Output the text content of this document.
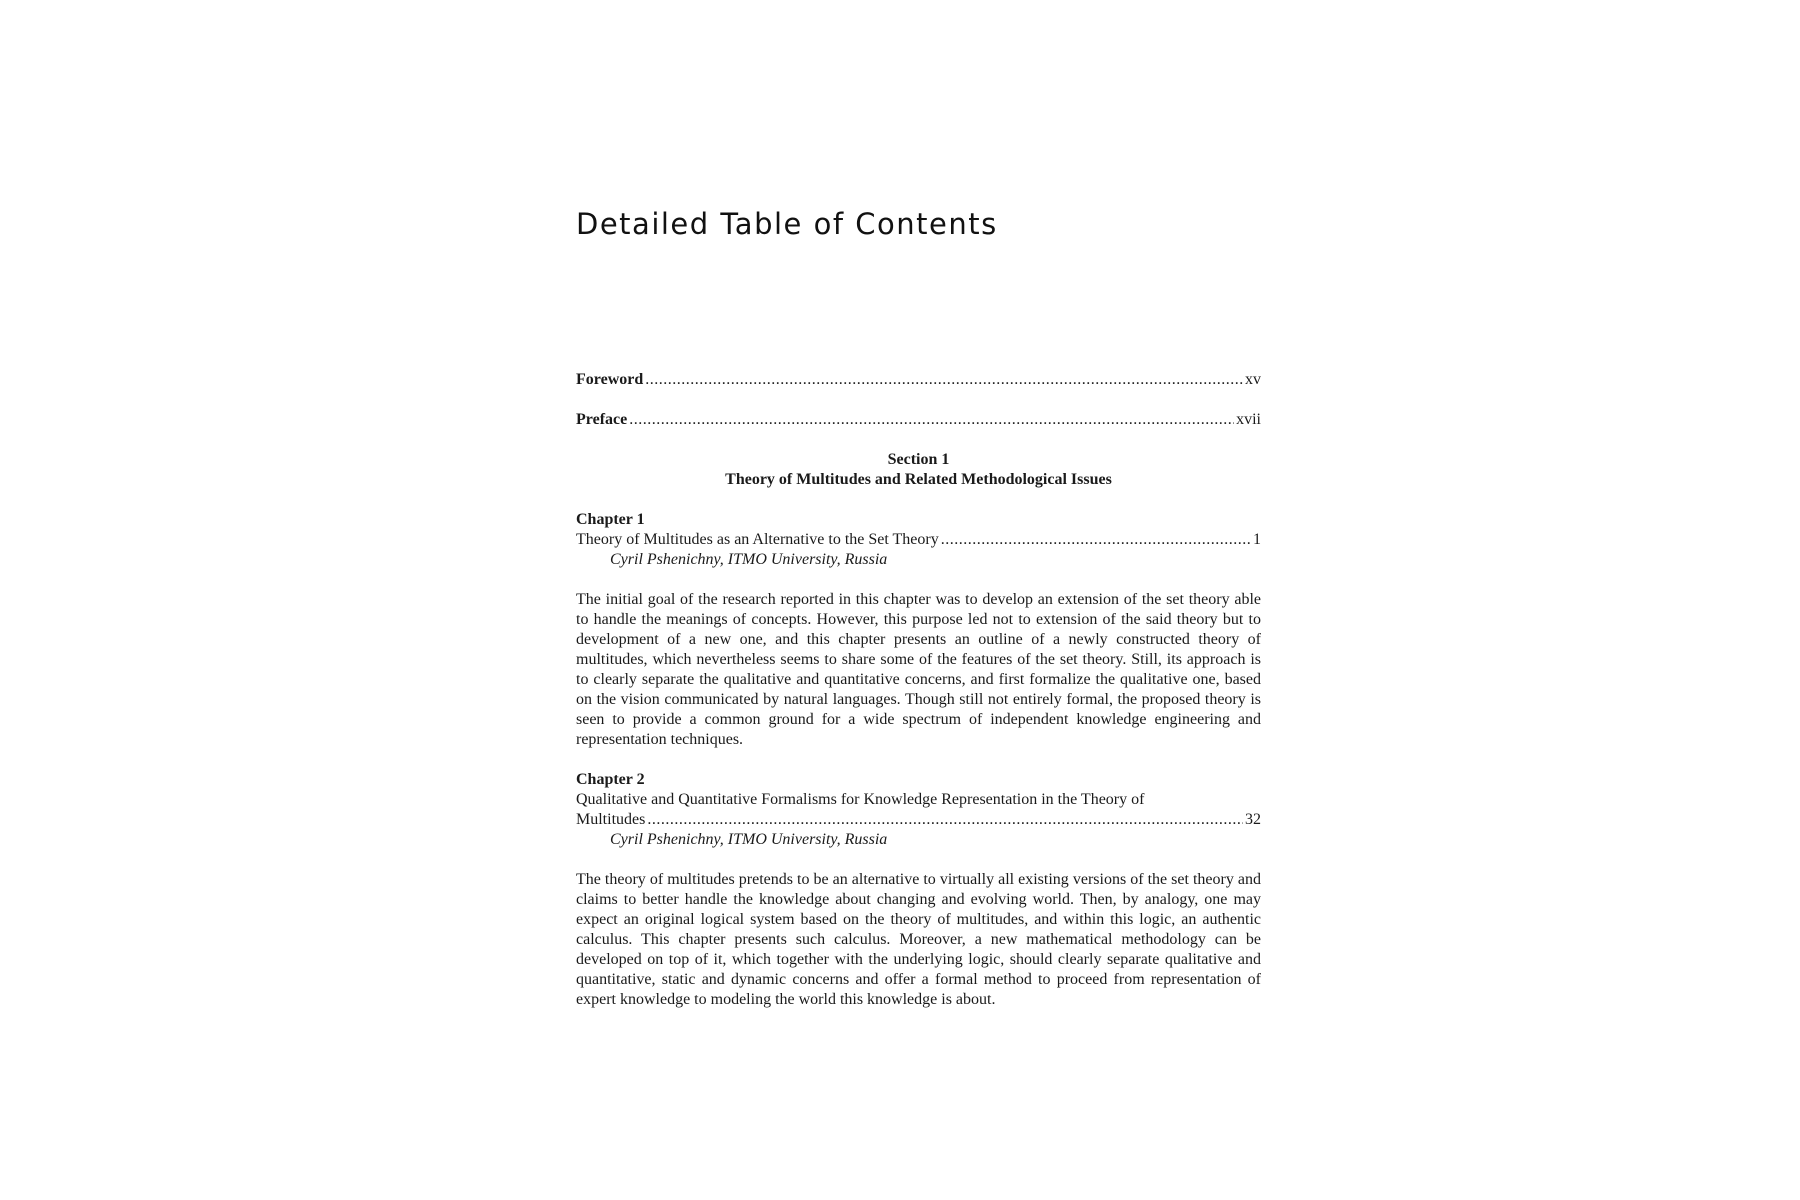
Detailed Table of Contents
Foreword .....	xv
Preface .....	xvii
Section 1
Theory of Multitudes and Related Methodological Issues
Chapter 1
Theory of Multitudes as an Alternative to the Set Theory .....	1
Cyril Pshenichny, ITMO University, Russia
The initial goal of the research reported in this chapter was to develop an extension of the set theory able to handle the meanings of concepts. However, this purpose led not to extension of the said theory but to development of a new one, and this chapter presents an outline of a newly constructed theory of multitudes, which nevertheless seems to share some of the features of the set theory. Still, its approach is to clearly separate the qualitative and quantitative concerns, and first formalize the qualitative one, based on the vision communicated by natural languages. Though still not entirely formal, the proposed theory is seen to provide a common ground for a wide spectrum of independent knowledge engineering and representation techniques.
Chapter 2
Qualitative and Quantitative Formalisms for Knowledge Representation in the Theory of
Multitudes .....	32
Cyril Pshenichny, ITMO University, Russia
The theory of multitudes pretends to be an alternative to virtually all existing versions of the set theory and claims to better handle the knowledge about changing and evolving world. Then, by analogy, one may expect an original logical system based on the theory of multitudes, and within this logic, an authentic calculus. This chapter presents such calculus. Moreover, a new mathematical methodology can be developed on top of it, which together with the underlying logic, should clearly separate qualitative and quantitative, static and dynamic concerns and offer a formal method to proceed from representation of expert knowledge to modeling the world this knowledge is about.
